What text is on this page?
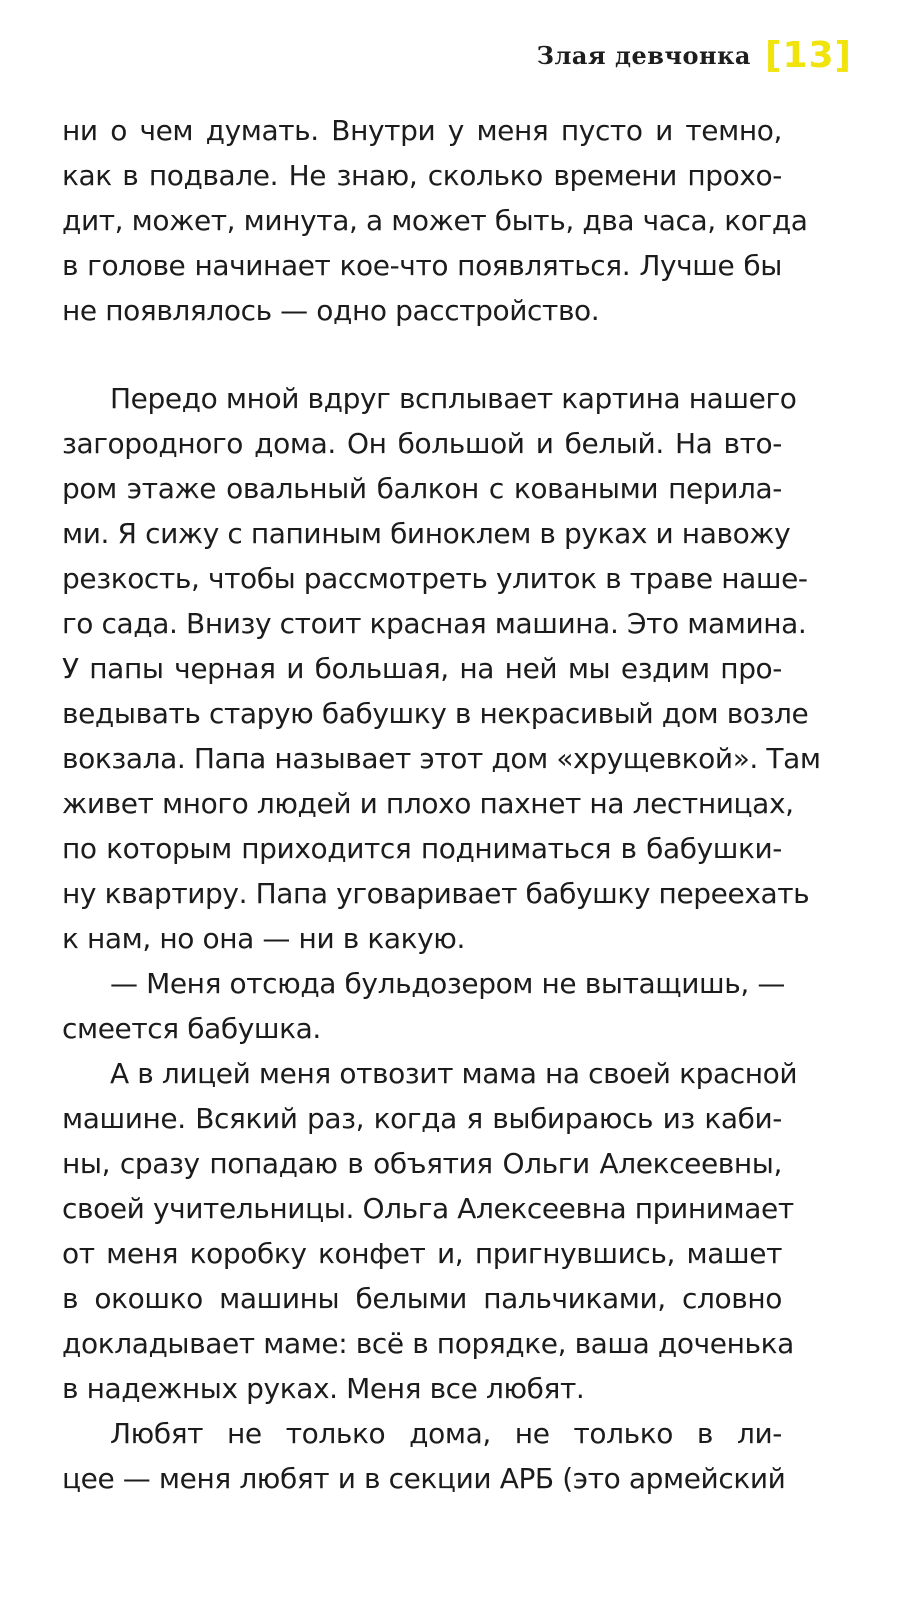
Злая девчонка [13]

ни о чем думать. Внутри у меня пусто и темно,

как в подвале. Не знаю, сколько времени прохо-

дит, может, минута, а может быть, два часа, когда

в голове начинает кое-что появляться. Лучше бы

не появлялось — одно расстройство.

Передо мной вдруг всплывает картина нашего

загородного дома. Он большой и белый. На вто-

ром этаже овальный балкон с коваными перила-

ми. Я сижу с папиным биноклем в руках и навожу

резкость, чтобы рассмотреть улиток в траве наше-

го сада. Внизу стоит красная машина. Это мамина.

У папы черная и большая, на ней мы ездим про-

ведывать старую бабушку в некрасивый дом возле

вокзала. Папа называет этот дом «хрущевкой». Там

живет много людей и плохо пахнет на лестницах,

по которым приходится подниматься в бабушки-

ну квартиру. Папа уговаривает бабушку переехать

к нам, но она — ни в какую.

— Меня отсюда бульдозером не вытащишь, —

смеется бабушка.

А в лицей меня отвозит мама на своей красной

машине. Всякий раз, когда я выбираюсь из каби-

ны, сразу попадаю в объятия Ольги Алексеевны,

своей учительницы. Ольга Алексеевна принимает

от меня коробку конфет и, пригнувшись, машет

в окошко машины белыми пальчиками, словно

докладывает маме: всё в порядке, ваша доченька

в надежных руках. Меня все любят.

Любят не только дома, не только в ли-

цее — меня любят и в секции АРБ (это армейский
